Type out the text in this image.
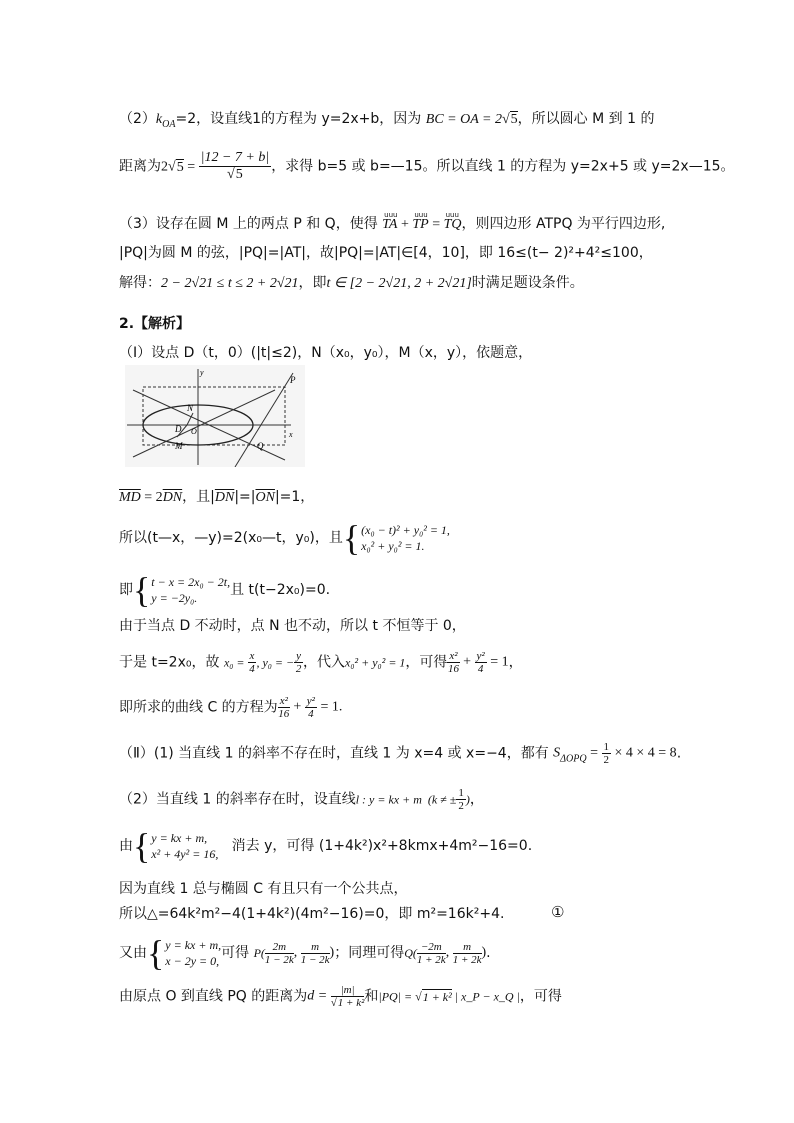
$(2)k_{OA}=2$，设直线1的方程为 y=2x+b，因为 BC = OA = 2√5，所以圆心 M 到 1 的
距离为$2√5 = \frac{|12 - 7 + b|}{√5}$ ，求得 b=5 或 b=—15。所以直线 1 的方程为 y=2x+5 或 y=2x—15。
（3）设存在圆 M 上的两点 P 和 Q，使得 TA
uuu
+ TP
uuu
= TQ
uuu
，则四边形 ATPQ 为平行四边形,
|PQ|为圆 M 的弦，|PQ|=|AT|，故|PQ|=|AT|∈[4，10]，即 16≤(t− 2)²+4²≤100，
解得：2 − 2√21 ≤ t ≤ 2 + 2√21，即t ∈ [2 − 2√21, 2 + 2√21]时满足题设条件。
2.【解析】
（Ⅰ）设点 D（t，0）(|t|≤2)，N（x₀，y₀），M（x，y），依题意，
y
x
P
N
D O
M	Q
$\overline{MD} = 2\overline{DN}$，且$|\overline{DN}|=|\overline{ON}|=1$，
所以(t—x，—y)=2(x₀—t，y₀)，且{ (x₀ − t)² + y₀² = 1,
x₀² + y₀² = 1.
即{ t − x = 2x₀ − 2t,
y = −2y₀.	且 t(t−2x₀)=0.
由于当点 D 不动时，点 N 也不动，所以 t 不恒等于 0，
于是 t=2x₀，故 $x_0 = \frac{x}{4}$ , y₀ = − $\frac{y}{2}$ ，代入x₀² + y₀² = 1，可得 $\frac{\text{x²}}{16} + \frac{\text{y²}}{4} = 1$，
即所求的曲线 C 的方程为 $\frac{\text{x²}}{16} + \frac{\text{y²}}{4} = 1$.
（Ⅱ）(1) 当直线 1 的斜率不存在时，直线 1 为 x=4 或 x=−4，都有 $S_{\Delta OPQ} = \frac{1}{2} \times 4 \times 4 = 8$.
（2）当直线 1 的斜率存在时，设直线l : y = kx + m  (k ≠ ± $\frac{1}{2}$ )，
由{ y = kx + m,
x² + 4y² = 16, 消去 y，可得 (1+4k²)x²+8kmx+4m²−16=0.
因为直线 1 总与椭圆 C 有且只有一个公共点，
所以△=64k²m²−4(1+4k²)(4m²−16)=0，即 m²=16k²+4.	①
又由{ y = kx + m,
x − 2y = 0, 可得 $P( \frac{2m}{1 - 2k}$ , $\frac{m}{1 - 2k}$ )；同理可得$Q( \frac{-2m}{1 + 2k}$ , $\frac{m}{1 + 2k}$ ).
由原点 O 到直线 PQ 的距离为$d = \frac{|m|}{\text{√1 + k²}}$ 和|PQ| = √1 + k² | x_P − x_Q |，可得
